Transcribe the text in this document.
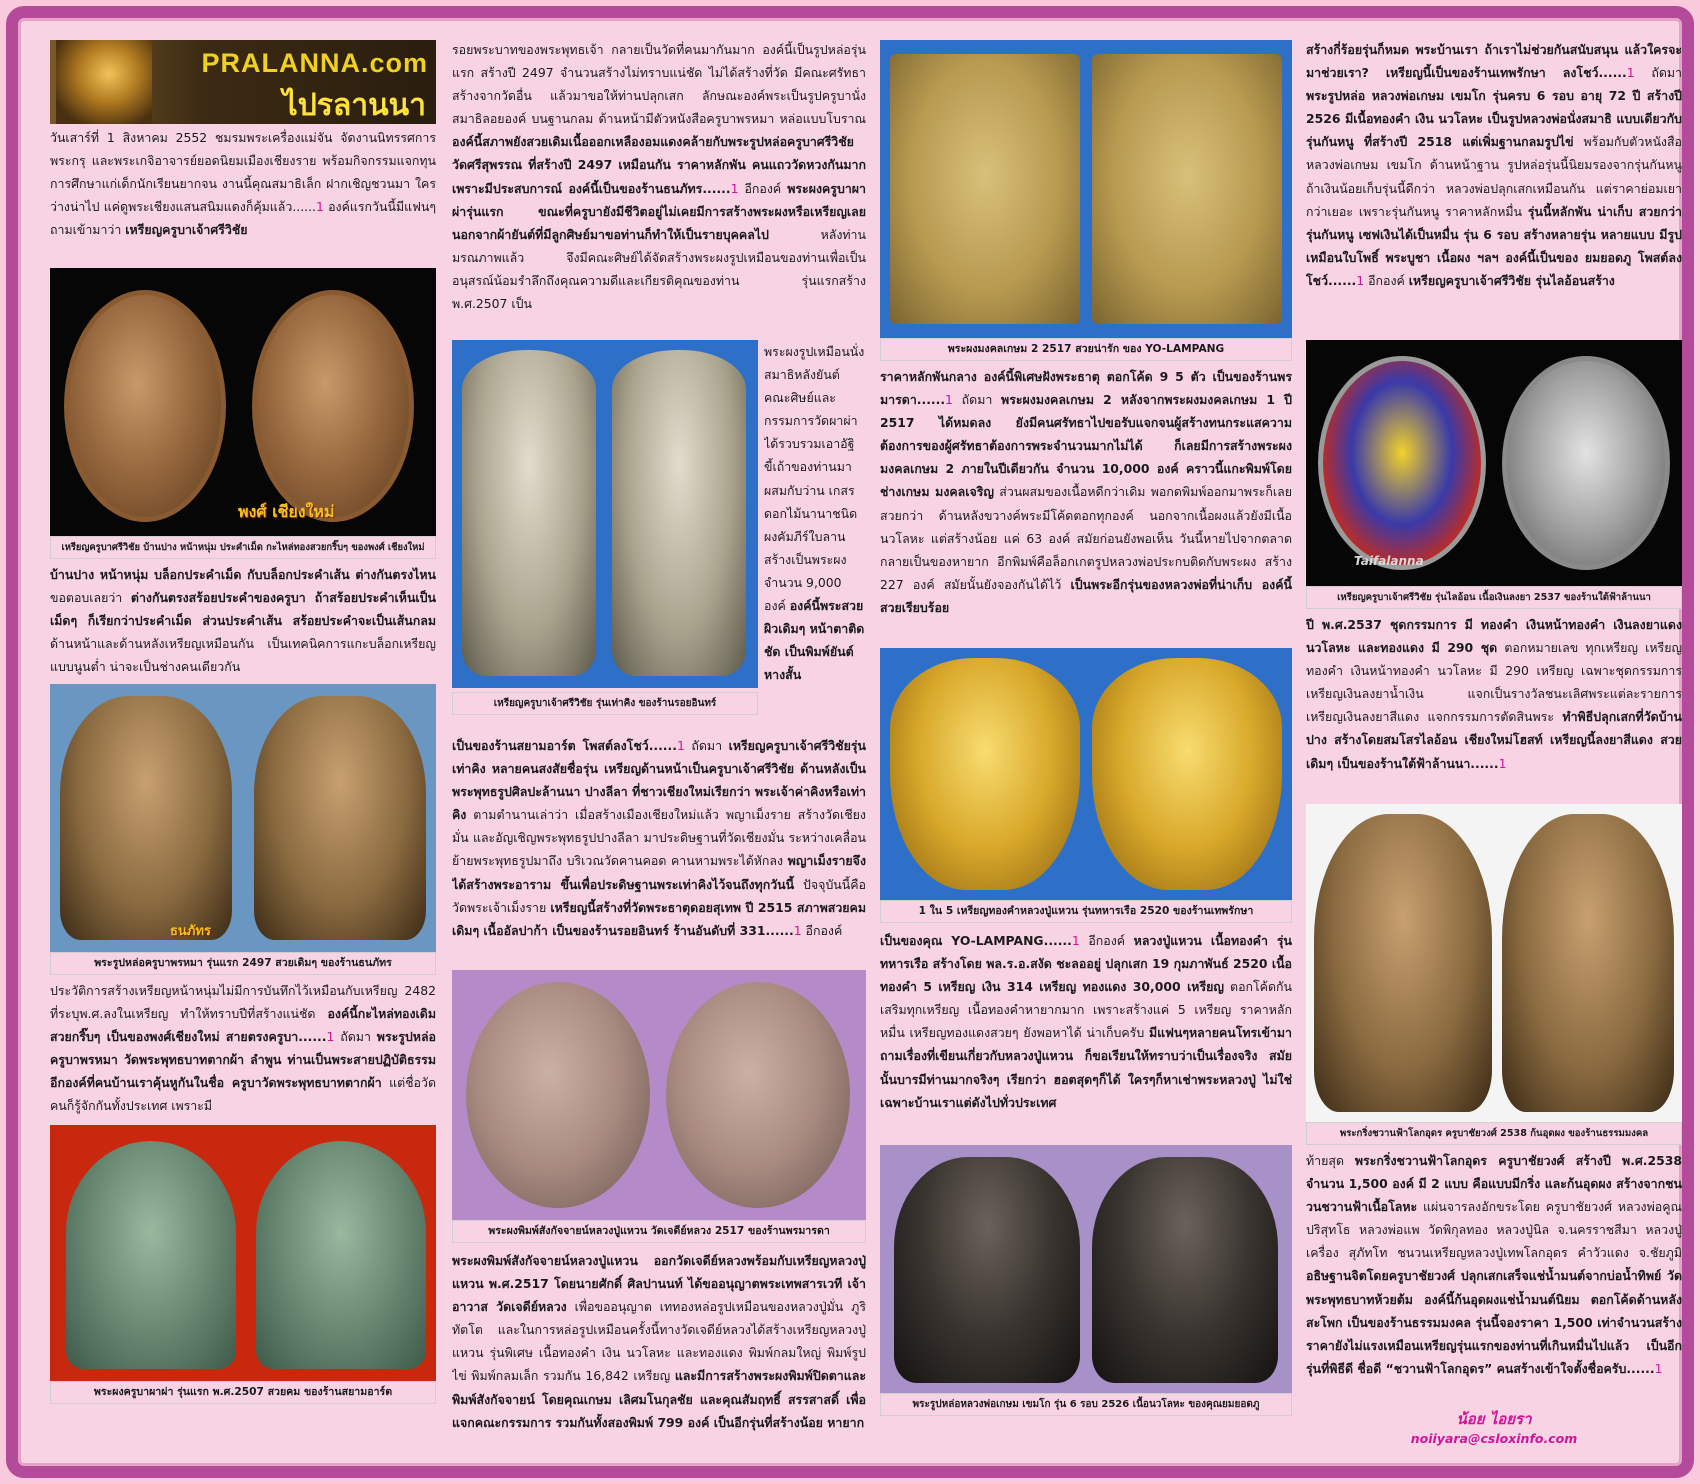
PRALANNA.com
ไปรลานนา
วันเสาร์ที่ 1 สิงหาคม 2552 ชมรมพระเครื่องแม่จัน จัดงานนิทรรศการพระกรุ และพระเกจิอาจารย์ยอดนิยมเมืองเชียงราย พร้อมกิจกรรมแจกทุนการศึกษาแก่เด็กนักเรียนยากจน งานนี้คุณสมาธิเล็ก ฝากเชิญชวนมา ใครว่างน่าไป แค่ดูพระเชียงแสนสนิมแดงก็คุ้มแล้ว......1 องค์แรกวันนี้มีแฟนๆ ถามเข้ามาว่า เหรียญครูบาเจ้าศรีวิชัย
พงศ์ เชียงใหม่
เหรียญครูบาศรีวิชัย บ้านปาง หน้าหนุ่ม ประคำเม็ด กะไหล่ทองสวยกริ๊บๆ ของพงศ์ เชียงใหม่
บ้านปาง หน้าหนุ่ม บล็อกประคำเม็ด กับบล็อกประคำเส้น ต่างกันตรงไหน ขอตอบเลยว่า ต่างกันตรงสร้อยประคำของครูบา ถ้าสร้อยประคำเห็นเป็นเม็ดๆ ก็เรียกว่าประคำเม็ด ส่วนประคำเส้น สร้อยประคำจะเป็นเส้นกลม ด้านหน้าและด้านหลังเหรียญเหมือนกัน เป็นเทคนิคการแกะบล็อกเหรียญแบบนูนต่ำ น่าจะเป็นช่างคนเดียวกัน
ธนภัทร
พระรูปหล่อครูบาพรหมา รุ่นแรก 2497 สวยเดิมๆ ของร้านธนภัทร
ประวัติการสร้างเหรียญหน้าหนุ่มไม่มีการบันทึกไว้เหมือนกับเหรียญ 2482 ที่ระบุพ.ศ.ลงในเหรียญ ทำให้ทราบปีที่สร้างแน่ชัด องค์นี้กะไหล่ทองเดิม สวยกริ๊บๆ เป็นของพงศ์เชียงใหม่ สายตรงครูบา......1 ถัดมา พระรูปหล่อครูบาพรหมา วัดพระพุทธบาทตากผ้า ลำพูน ท่านเป็นพระสายปฏิบัติธรรมอีกองค์ที่คนบ้านเราคุ้นหูกันในชื่อ ครูบาวัดพระพุทธบาทตากผ้า แต่ชื่อวัดคนก็รู้จักกันทั้งประเทศ เพราะมี
พระผงครูบาผาผ่า รุ่นแรก พ.ศ.2507 สวยคม ของร้านสยามอาร์ต
รอยพระบาทของพระพุทธเจ้า กลายเป็นวัดที่คนมากันมาก องค์นี้เป็นรูปหล่อรุ่นแรก สร้างปี 2497 จำนวนสร้างไม่ทราบแน่ชัด ไม่ได้สร้างที่วัด มีคณะศรัทธาสร้างจากวัดอื่น แล้วมาขอให้ท่านปลุกเสก ลักษณะองค์พระเป็นรูปครูบานั่งสมาธิลอยองค์ บนฐานกลม ด้านหน้ามีตัวหนังสือครูบาพรหมา หล่อแบบโบราณ องค์นี้สภาพยังสวยเดิมเนื้อออกเหลืองอมแดงคล้ายกับพระรูปหล่อครูบาศรีวิชัย วัดศรีสุพรรณ ที่สร้างปี 2497 เหมือนกัน ราคาหลักพัน คนแถววัดหวงกันมากเพราะมีประสบการณ์ องค์นี้เป็นของร้านธนภัทร......1 อีกองค์ พระผงครูบาผาผ่ารุ่นแรก ขณะที่ครูบายังมีชีวิตอยู่ไม่เคยมีการสร้างพระผงหรือเหรียญเลย นอกจากผ้ายันต์ที่มีลูกศิษย์มาขอท่านก็ทำให้เป็นรายบุคคลไป หลังท่านมรณภาพแล้ว จึงมีคณะศิษย์ได้จัดสร้างพระผงรูปเหมือนของท่านเพื่อเป็นอนุสรณ์น้อมรำลึกถึงคุณความดีและเกียรติคุณของท่าน รุ่นแรกสร้าง พ.ศ.2507 เป็น
เหรียญครูบาเจ้าศรีวิชัย รุ่นเท่าคิง ของร้านรอยอินทร์
พระผงรูปเหมือนนั่งสมาธิหลังยันต์ คณะศิษย์และกรรมการวัดผาผ่าได้รวบรวมเอาอัฐิ ขี้เถ้าของท่านมาผสมกับว่าน เกสรดอกไม้นานาชนิดผงคัมภีร์ใบลาน สร้างเป็นพระผง จำนวน 9,000 องค์ องค์นี้พระสวยผิวเดิมๆ หน้าตาติดชัด เป็นพิมพ์ยันต์หางสั้น
เป็นของร้านสยามอาร์ต โพสต์ลงโชว์......1 ถัดมา เหรียญครูบาเจ้าศรีวิชัยรุ่นเท่าคิง หลายคนสงสัยชื่อรุ่น เหรียญด้านหน้าเป็นครูบาเจ้าศรีวิชัย ด้านหลังเป็นพระพุทธรูปศิลปะล้านนา ปางลีลา ที่ชาวเชียงใหม่เรียกว่า พระเจ้าค่าคิงหรือเท่าคิง ตามตำนานเล่าว่า เมื่อสร้างเมืองเชียงใหม่แล้ว พญาเม็งราย สร้างวัดเชียงมั่น และอัญเชิญพระพุทธรูปปางลีลา มาประดิษฐานที่วัดเชียงมั่น ระหว่างเคลื่อนย้ายพระพุทธรูปมาถึง บริเวณวัดคานคอด คานหามพระได้หักลง พญาเม็งรายจึงได้สร้างพระอาราม ขึ้นเพื่อประดิษฐานพระเท่าคิงไว้จนถึงทุกวันนี้ ปัจจุบันนี้คือวัดพระเจ้าเม็งราย เหรียญนี้สร้างที่วัดพระธาตุดอยสุเทพ ปี 2515 สภาพสวยคมเดิมๆ เนื้ออัลปาก้า เป็นของร้านรอยอินทร์ ร้านอันดับที่ 331......1 อีกองค์
พระผงพิมพ์สังกัจจายน์หลวงปู่แหวน วัดเจดีย์หลวง 2517 ของร้านพรมารดา
พระผงพิมพ์สังกัจจายน์หลวงปู่แหวน ออกวัดเจดีย์หลวงพร้อมกับเหรียญหลวงปู่แหวน พ.ศ.2517 โดยนายศักดิ์ ศิลปานนท์ ได้ขออนุญาตพระเทพสารเวที เจ้าอาวาส วัดเจดีย์หลวง เพื่อขออนุญาต เททองหล่อรูปเหมือนของหลวงปู่มั่น ภูริทัตโต และในการหล่อรูปเหมือนครั้งนี้ทางวัดเจดีย์หลวงได้สร้างเหรียญหลวงปู่แหวน รุ่นพิเศษ เนื้อทองคำ เงิน นวโลหะ และทองแดง พิมพ์กลมใหญ่ พิมพ์รูปไข่ พิมพ์กลมเล็ก รวมกัน 16,842 เหรียญ และมีการสร้างพระผงพิมพ์ปิดตาและพิมพ์สังกัจจายน์ โดยคุณเกษม เลิศมโนกุลชัย และคุณสัมฤทธิ์ สรรสาสดิ์ เพื่อแจกคณะกรรมการ รวมกันทั้งสองพิมพ์ 799 องค์ เป็นอีกรุ่นที่สร้างน้อย หายาก
พระผงมงคลเกษม 2 2517 สวยน่ารัก ของ YO-LAMPANG
ราคาหลักพันกลาง องค์นี้พิเศษฝังพระธาตุ ตอกโค้ด 9 5 ตัว เป็นของร้านพรมารดา......1 ถัดมา พระผงมงคลเกษม 2 หลังจากพระผงมงคลเกษม 1 ปี 2517 ได้หมดลง ยังมีคนศรัทธาไปขอรับแจกจนผู้สร้างทนกระแสความต้องการของผู้ศรัทธาต้องการพระจำนวนมากไม่ได้ ก็เลยมีการสร้างพระผงมงคลเกษม 2 ภายในปีเดียวกัน จำนวน 10,000 องค์ คราวนี้แกะพิมพ์โดยช่างเกษม มงคลเจริญ ส่วนผสมของเนื้อหดีกว่าเดิม พอกดพิมพ์ออกมาพระก็เลยสวยกว่า ด้านหลังขวางค์พระมีโค้ดตอกทุกองค์ นอกจากเนื้อผงแล้วยังมีเนื้อนวโลหะ แต่สร้างน้อย แค่ 63 องค์ สมัยก่อนยังพอเห็น วันนี้หายไปจากตลาด กลายเป็นของหายาก อีกพิมพ์คือล็อกเกตรูปหลวงพ่อประกบติดกับพระผง สร้าง 227 องค์ สมัยนั้นยังจองกันได้ไว้ เป็นพระอีกรุ่นของหลวงพ่อที่น่าเก็บ องค์นี้สวยเรียบร้อย
1 ใน 5 เหรียญทองคำหลวงปู่แหวน รุ่นทหารเรือ 2520 ของร้านเทพรักษา
เป็นของคุณ YO-LAMPANG......1 อีกองค์ หลวงปู่แหวน เนื้อทองคำ รุ่นทหารเรือ สร้างโดย พล.ร.อ.สงัด ชะลออยู่ ปลุกเสก 19 กุมภาพันธ์ 2520 เนื้อทองคำ 5 เหรียญ เงิน 314 เหรียญ ทองแดง 30,000 เหรียญ ตอกโค้ดกันเสริมทุกเหรียญ เนื้อทองคำหายากมาก เพราะสร้างแค่ 5 เหรียญ ราคาหลักหมื่น เหรียญทองแดงสวยๆ ยังพอหาได้ น่าเก็บครับ มีแฟนๆหลายคนโทรเข้ามาถามเรื่องที่เขียนเกี่ยวกับหลวงปู่แหวน ก็ขอเรียนให้ทราบว่าเป็นเรื่องจริง สมัยนั้นบารมีท่านมากจริงๆ เรียกว่า ฮอตสุดๆก็ได้ ใครๆก็หาเช่าพระหลวงปู่ ไม่ใช่เฉพาะบ้านเราแต่ดังไปทั่วประเทศ
พระรูปหล่อหลวงพ่อเกษม เขมโก รุ่น 6 รอบ 2526 เนื้อนวโลหะ ของคุณยมยอดภู
สร้างกี่ร้อยรุ่นก็หมด พระบ้านเรา ถ้าเราไม่ช่วยกันสนับสนุน แล้วใครจะมาช่วยเรา? เหรียญนี้เป็นของร้านเทพรักษา ลงโชว์......1 ถัดมา พระรูปหล่อ หลวงพ่อเกษม เขมโก รุ่นครบ 6 รอบ อายุ 72 ปี สร้างปี 2526 มีเนื้อทองคำ เงิน นวโลหะ เป็นรูปหลวงพ่อนั่งสมาธิ แบบเดียวกับรุ่นกันหนู ที่สร้างปี 2518 แต่เพิ่มฐานกลมรูปไข่ พร้อมกับตัวหนังสือ หลวงพ่อเกษม เขมโก ด้านหน้าฐาน รูปหล่อรุ่นนี้นิยมรองจากรุ่นกันหนู ถ้าเงินน้อยเก็บรุ่นนี้ดีกว่า หลวงพ่อปลุกเสกเหมือนกัน แต่ราคาย่อมเยากว่าเยอะ เพราะรุ่นกันหนู ราคาหลักหมื่น รุ่นนี้หลักพัน น่าเก็บ สวยกว่ารุ่นกันหนู เซฟเงินได้เป็นหมื่น รุ่น 6 รอบ สร้างหลายรุ่น หลายแบบ มีรูปเหมือนใบโพธิ์ พระบูชา เนื้อผง ฯลฯ องค์นี้เป็นของ ยมยอดภู โพสต์ลงโชว์......1 อีกองค์ เหรียญครูบาเจ้าศรีวิชัย รุ่นไลอ้อนสร้าง
Taifalanna
เหรียญครูบาเจ้าศรีวิชัย รุ่นไลอ้อน เนื้อเงินลงยา 2537 ของร้านใต้ฟ้าล้านนา
ปี พ.ศ.2537 ชุดกรรมการ มี ทองคำ เงินหน้าทองคำ เงินลงยาแดง นวโลหะ และทองแดง มี 290 ชุด ตอกหมายเลข ทุกเหรียญ เหรียญทองคำ เงินหน้าทองคำ นวโลหะ มี 290 เหรียญ เฉพาะชุดกรรมการ เหรียญเงินลงยาน้ำเงิน แจกเป็นรางวัลชนะเลิศพระแต่ละรายการ เหรียญเงินลงยาสีแดง แจกกรรมการตัดสินพระ ทำพิธีปลุกเสกที่วัดบ้านปาง สร้างโดยสมโสรไลอ้อน เชียงใหม่โฮสท์ เหรียญนี้ลงยาสีแดง สวยเดิมๆ เป็นของร้านใต้ฟ้าล้านนา......1
พระกริ่งชวานฟ้าโลกอุดร ครูบาชัยวงศ์ 2538 ก้นอุดผง ของร้านธรรมมงคล
ท้ายสุด พระกริ่งชวานฟ้าโลกอุดร ครูบาชัยวงศ์ สร้างปี พ.ศ.2538 จำนวน 1,500 องค์ มี 2 แบบ คือแบบมีกริ่ง และก้นอุดผง สร้างจากชนวนชวานฟ้าเนื้อโลหะ แผ่นจารลงอักขระโดย ครูบาชัยวงศ์ หลวงพ่อคูณ ปริสุทโธ หลวงพ่อแพ วัดพิกุลทอง หลวงปู่นิล จ.นครราชสีมา หลวงปู่เครื่อง สุภัทโท ชนวนเหรียญหลวงปู่เทพโลกอุดร คำวัวแดง จ.ชัยภูมิ อธิษฐานจิตโดยครูบาชัยวงศ์ ปลุกเสกเสร็จแช่น้ำมนต์จากบ่อน้ำทิพย์ วัดพระพุทธบาทห้วยต้ม องค์นี้ก้นอุดผงแช่น้ำมนต์นิยม ตอกโค้ดด้านหลังสะโพก เป็นของร้านธรรมมงคล รุ่นนี้จองราคา 1,500 เท่าจำนวนสร้าง ราคายังไม่แรงเหมือนเหรียญรุ่นแรกของท่านที่เกินหมื่นไปแล้ว เป็นอีกรุ่นที่พิธีดี ชื่อดี “ชวานฟ้าโลกอุดร” คนสร้างเข้าใจตั้งชื่อครับ......1
น้อย ไอยรา
noiiyara@csloxinfo.com
